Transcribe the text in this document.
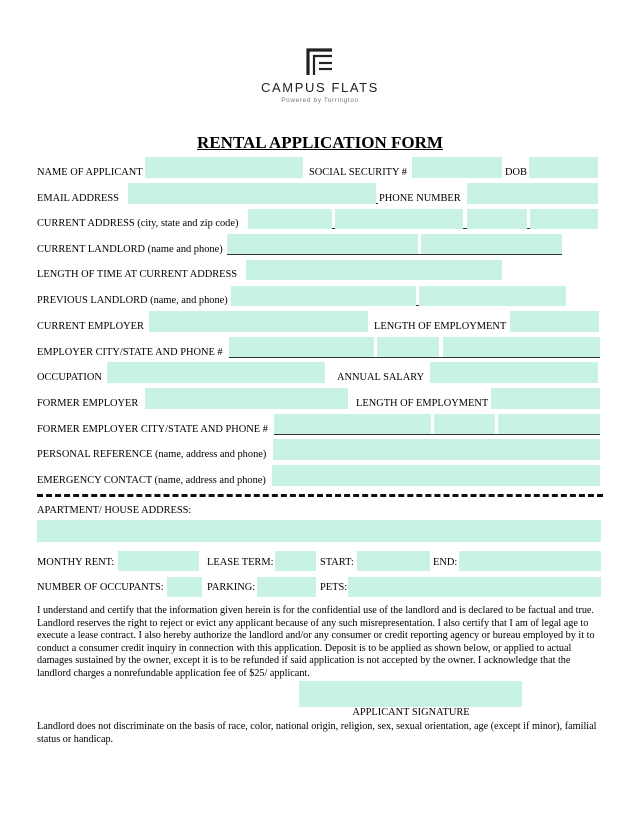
CAMPUS FLATS
Powered by Torrington
RENTAL APPLICATION FORM
NAME OF APPLICANT	SOCIAL SECURITY #	DOB
EMAIL ADDRESS	PHONE NUMBER
CURRENT ADDRESS (city, state and zip code)
CURRENT LANDLORD (name and phone)
LENGTH OF TIME AT CURRENT ADDRESS
PREVIOUS LANDLORD (name, and phone)
CURRENT EMPLOYER	LENGTH OF EMPLOYMENT
EMPLOYER CITY/STATE AND PHONE #
OCCUPATION	ANNUAL SALARY
FORMER EMPLOYER	LENGTH OF EMPLOYMENT
FORMER EMPLOYER CITY/STATE AND PHONE #
PERSONAL REFERENCE (name, address and phone)
EMERGENCY CONTACT (name, address and phone)
APARTMENT/ HOUSE ADDRESS:
MONTHY RENT:	LEASE TERM:	START:	END:
NUMBER OF OCCUPANTS:	PARKING:	PETS:
I understand and certify that the information given herein is for the confidential use of the landlord and is declared to be factual and true. Landlord reserves the right to reject or evict any applicant because of any such misrepresentation. I also certify that I am of legal age to execute a lease contract. I also hereby authorize the landlord and/or any consumer or credit reporting agency or bureau employed by it to conduct a consumer credit inquiry in connection with this application. Deposit is to be applied as shown below, or applied to actual damages sustained by the owner, except it is to be refunded if said application is not accepted by the owner. I acknowledge that the landlord charges a nonrefundable application fee of $25/ applicant.
APPLICANT SIGNATURE
Landlord does not discriminate on the basis of race, color, national origin, religion, sex, sexual orientation, age (except if minor), familial status or handicap.
